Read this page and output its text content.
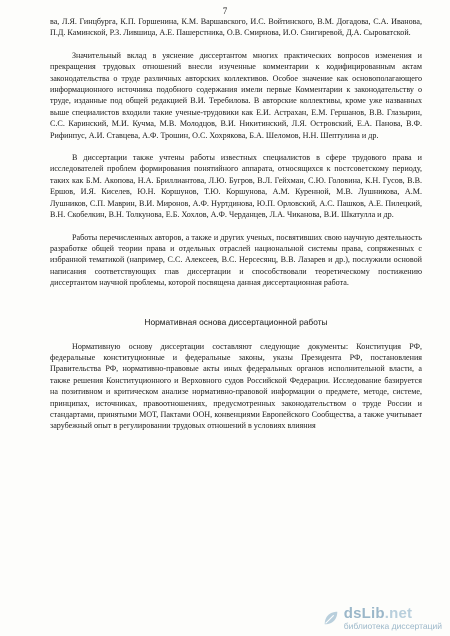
7

ва, Л.Я. Гинцбурга, К.П. Горшенина, К.М. Варшавского, И.С. Войтинского, В.М. Догадова, С.А. Иванова, П.Д. Каминской, Р.З. Лившица, А.Е. Пашерстника, О.В. Смирнова, И.О. Снигиревой, Д.А. Сыроватской.

Значительный вклад в уяснение диссертантом многих практических вопросов изменения и прекращения трудовых отношений внесли изученные комментарии к кодифицированным актам законодательства о труде различных авторских коллективов. Особое значение как основополагающего информационного источника подобного содержания имели первые Комментарии к законодательству о труде, изданные под общей редакцией В.И. Теребилова. В авторские коллективы, кроме уже названных выше специалистов входили такие ученые-трудовики как Е.И. Астрахан, Е.М. Гершанов, В.В. Глазырин, С.С. Каринский, М.И. Кучма, М.В. Молодцов, В.И. Никитинский, Л.Я. Островский, Е.А. Панова, В.Ф. Рифинпус, А.И. Ставцева, А.Ф. Трошин, О.С. Хохрякова, Б.А. Шеломов, Н.Н. Шептулина и др.

В диссертации также учтены работы известных специалистов в сфере трудового права и исследователей проблем формирования понятийного аппарата, относящихся к постсоветскому периоду, таких как Б.М. Акопова, Н.А. Бриллиантова, Л.Ю. Бугров, В.Л. Гейхман, С.Ю. Головина, К.Н. Гусов, В.В. Ершов, И.Я. Киселев, Ю.Н. Коршунов, Т.Ю. Коршунова, А.М. Куренной, М.В. Лушникова, А.М. Лушников, С.П. Маврин, В.И. Миронов, А.Ф. Нуртдинова, Ю.П. Орловский, А.С. Пашков, А.Е. Пилецкий, В.Н. Скобелкин, В.Н. Толкунова, Е.Б. Хохлов, А.Ф. Черданцев, Л.А. Чиканова, В.И. Шкатулла и др.

Работы перечисленных авторов, а также и других ученых, посвятивших свою научную деятельность разработке общей теории права и отдельных отраслей национальной системы права, сопряженных с избранной тематикой (например, С.С. Алексеев, В.С. Нерсесянц, В.В. Лазарев и др.), послужили основой написания соответствующих глав диссертации и способствовали теоретическому постижению диссертантом научной проблемы, которой посвящена данная диссертационная работа.

Нормативная основа диссертационной работы

Нормативную основу диссертации составляют следующие документы: Конституция РФ, федеральные конституционные и федеральные законы, указы Президента РФ, постановления Правительства РФ, нормативно-правовые акты иных федеральных органов исполнительной власти, а также решения Конституционного и Верховного судов Российской Федерации. Исследование базируется на позитивном и критическом анализе нормативно-правовой информации о предмете, методе, системе, принципах, источниках, правоотношениях, предусмотренных законодательством о труде России и стандартами, принятыми МОТ, Пактами ООН, конвенциями Европейского Сообщества, а также учитывает зарубежный опыт в регулировании трудовых отношений в условиях влияния

dsLib.net
библиотека диссертаций
